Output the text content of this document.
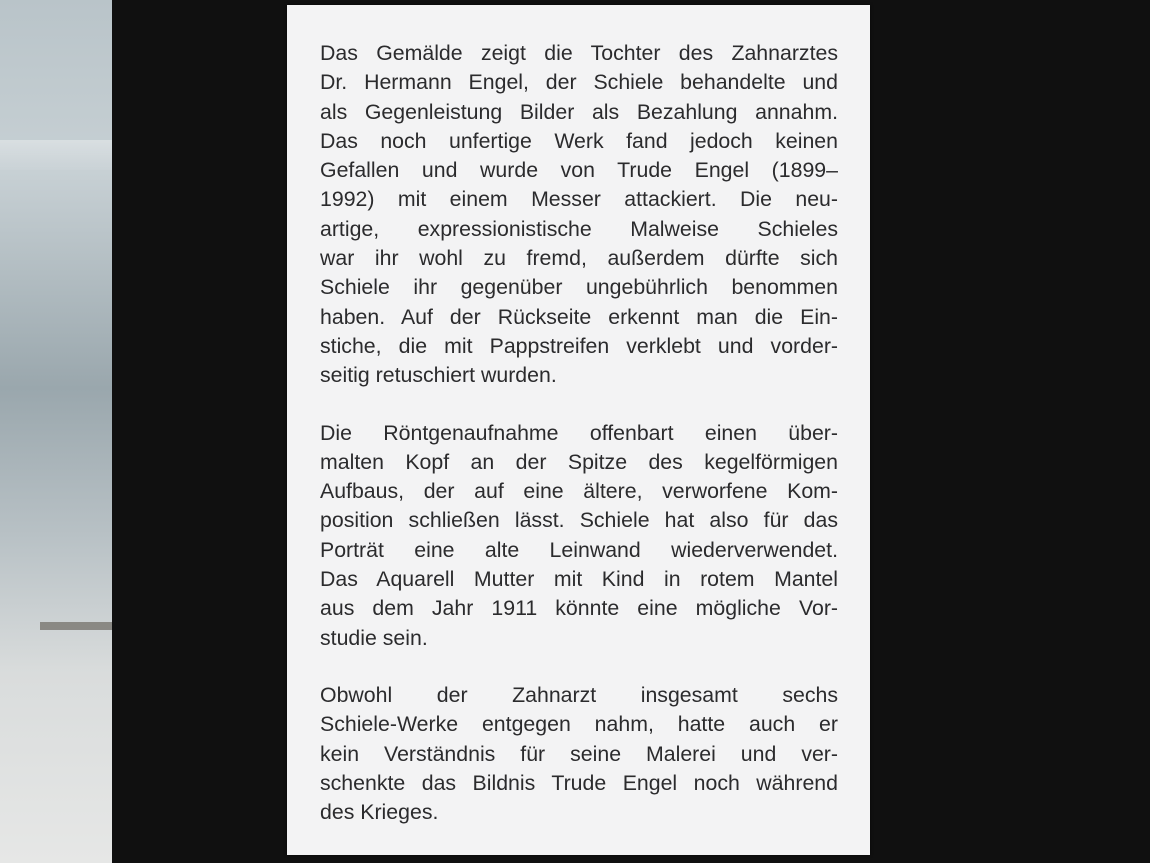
Das Gemälde zeigt die Tochter des Zahnarztes
Dr. Hermann Engel, der Schiele behandelte und
als Gegenleistung Bilder als Bezahlung annahm.
Das noch unfertige Werk fand jedoch keinen
Gefallen und wurde von Trude Engel (1899–
1992) mit einem Messer attackiert. Die neu-
artige, expressionistische Malweise Schieles
war ihr wohl zu fremd, außerdem dürfte sich
Schiele ihr gegenüber ungebührlich benommen
haben. Auf der Rückseite erkennt man die Ein-
stiche, die mit Pappstreifen verklebt und vorder-
seitig retuschiert wurden.
Die Röntgenaufnahme offenbart einen über-
malten Kopf an der Spitze des kegelförmigen
Aufbaus, der auf eine ältere, verworfene Kom-
position schließen lässt. Schiele hat also für das
Porträt eine alte Leinwand wiederverwendet.
Das Aquarell Mutter mit Kind in rotem Mantel
aus dem Jahr 1911 könnte eine mögliche Vor-
studie sein.
Obwohl der Zahnarzt insgesamt sechs
Schiele-Werke entgegen nahm, hatte auch er
kein Verständnis für seine Malerei und ver-
schenkte das Bildnis Trude Engel noch während
des Krieges.
